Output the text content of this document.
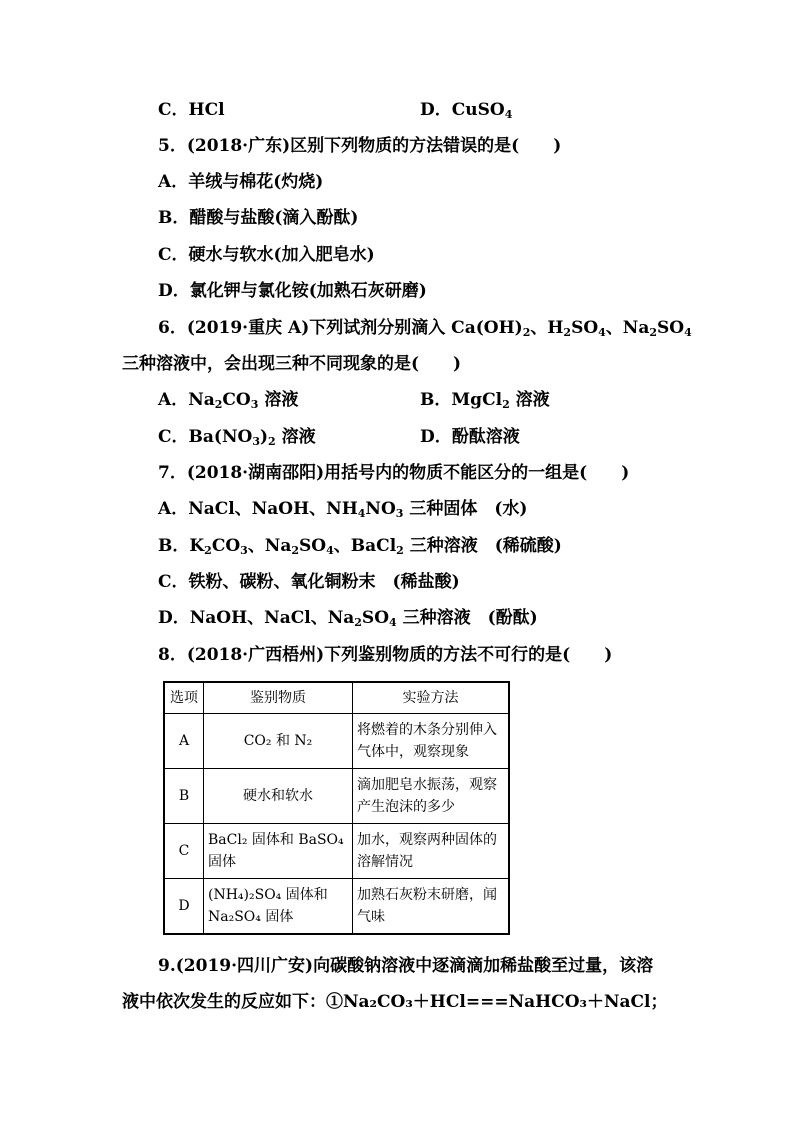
C．HCl	D．CuSO$_4$
5．(2018·广东)区别下列物质的方法错误的是(　　)
A．羊绒与棉花(灼烧)
B．醋酸与盐酸(滴入酚酞)
C．硬水与软水(加入肥皂水)
D．氯化钾与氯化铵(加熟石灰研磨)
6．(2019·重庆 A)下列试剂分别滴入 $Ca(OH)_2$、$H_2SO_4$、$Na_2SO_4$
三种溶液中，会出现三种不同现象的是(　　)
A．$Na_2CO_3$ 溶液	B．MgCl$_2$ 溶液
C．$Ba(NO_3)_2$ 溶液	D．酚酞溶液
7．(2018·湖南邵阳)用括号内的物质不能区分的一组是(　　)
A．NaCl、NaOH、$NH_4NO_3$ 三种固体　(水)
B．$K_2CO_3$、$Na_2SO_4$、BaCl$_2$ 三种溶液　(稀硫酸)
C．铁粉、碳粉、氧化铜粉末　(稀盐酸)
D．NaOH、NaCl、$Na_2SO_4$ 三种溶液　(酚酞)
8．(2018·广西梧州)下列鉴别物质的方法不可行的是(　　)
选项	鉴别物质	实验方法
A	CO₂ 和 N₂	将燃着的木条分别伸入气体中，观察现象
B	硬水和软水	滴加肥皂水振荡，观察产生泡沫的多少
C	BaCl₂ 固体和 BaSO₄ 固体	加水，观察两种固体的溶解情况
D	(NH₄)₂SO₄ 固体和 Na₂SO₄ 固体	加熟石灰粉末研磨，闻气味
9.(2019·四川广安)向碳酸钠溶液中逐滴滴加稀盐酸至过量，该溶
液中依次发生的反应如下：①Na₂CO₃＋HCl===NaHCO₃＋NaCl；
